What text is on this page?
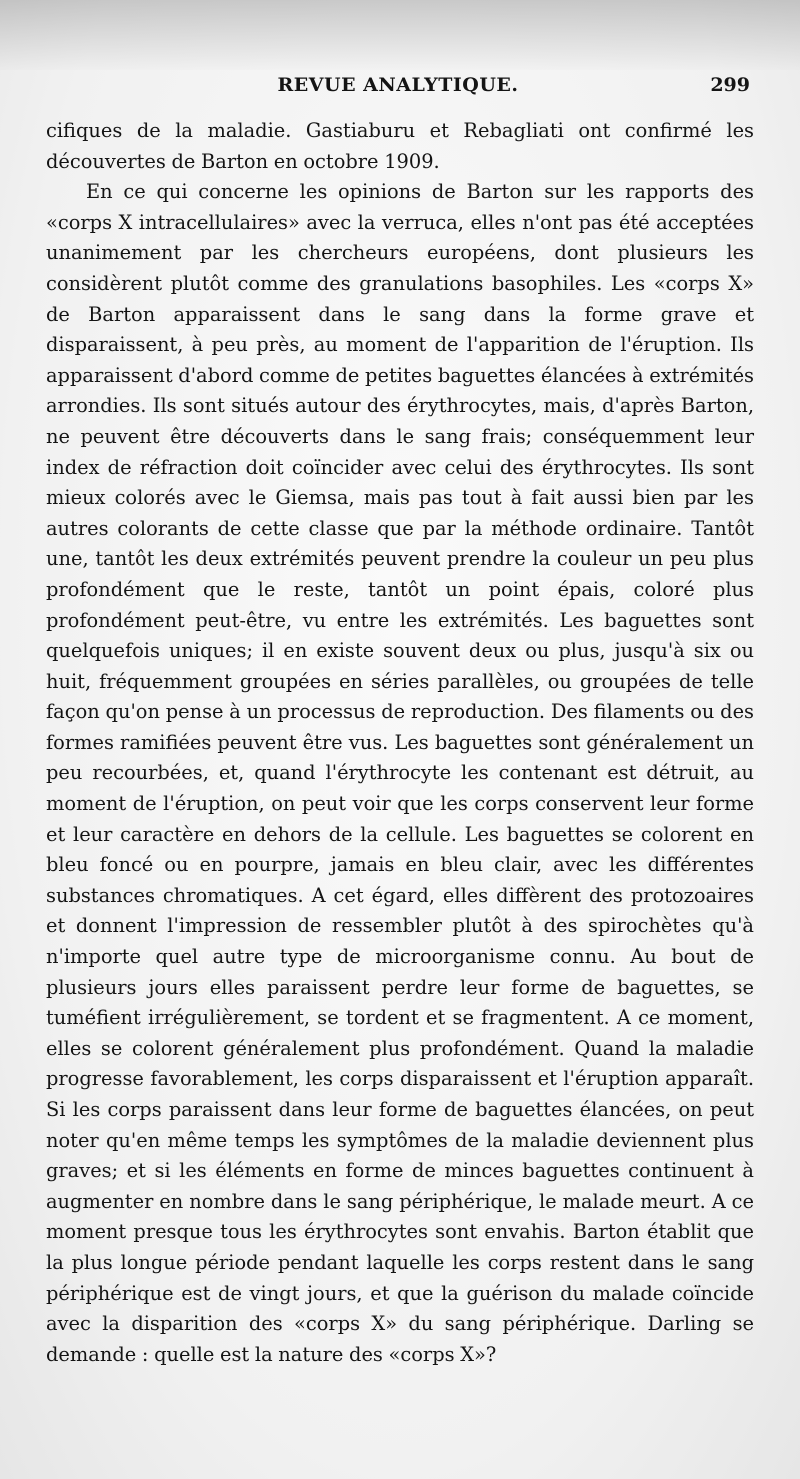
REVUE ANALYTIQUE.	299

cifiques de la maladie. Gastiaburu et Rebagliati ont confirmé les découvertes de Barton en octobre 1909.

En ce qui concerne les opinions de Barton sur les rapports des «corps X intracellulaires» avec la verruca, elles n'ont pas été acceptées unanimement par les chercheurs européens, dont plusieurs les considèrent plutôt comme des granulations basophiles. Les «corps X» de Barton apparaissent dans le sang dans la forme grave et disparaissent, à peu près, au moment de l'apparition de l'éruption. Ils apparaissent d'abord comme de petites baguettes élancées à extrémités arrondies. Ils sont situés autour des érythrocytes, mais, d'après Barton, ne peuvent être découverts dans le sang frais; conséquemment leur index de réfraction doit coïncider avec celui des érythrocytes. Ils sont mieux colorés avec le Giemsa, mais pas tout à fait aussi bien par les autres colorants de cette classe que par la méthode ordinaire. Tantôt une, tantôt les deux extrémités peuvent prendre la couleur un peu plus profondément que le reste, tantôt un point épais, coloré plus profondément peut-être, vu entre les extrémités. Les baguettes sont quelquefois uniques; il en existe souvent deux ou plus, jusqu'à six ou huit, fréquemment groupées en séries parallèles, ou groupées de telle façon qu'on pense à un processus de reproduction. Des filaments ou des formes ramifiées peuvent être vus. Les baguettes sont généralement un peu recourbées, et, quand l'érythrocyte les contenant est détruit, au moment de l'éruption, on peut voir que les corps conservent leur forme et leur caractère en dehors de la cellule. Les baguettes se colorent en bleu foncé ou en pourpre, jamais en bleu clair, avec les différentes substances chromatiques. A cet égard, elles diffèrent des protozoaires et donnent l'impression de ressembler plutôt à des spirochètes qu'à n'importe quel autre type de microorganisme connu. Au bout de plusieurs jours elles paraissent perdre leur forme de baguettes, se tuméfient irrégulièrement, se tordent et se fragmentent. A ce moment, elles se colorent généralement plus profondément. Quand la maladie progresse favorablement, les corps disparaissent et l'éruption apparaît. Si les corps paraissent dans leur forme de baguettes élancées, on peut noter qu'en même temps les symptômes de la maladie deviennent plus graves; et si les éléments en forme de minces baguettes continuent à augmenter en nombre dans le sang périphérique, le malade meurt. A ce moment presque tous les érythrocytes sont envahis. Barton établit que la plus longue période pendant laquelle les corps restent dans le sang périphérique est de vingt jours, et que la guérison du malade coïncide avec la disparition des «corps X» du sang périphérique. Darling se demande : quelle est la nature des «corps X»?
